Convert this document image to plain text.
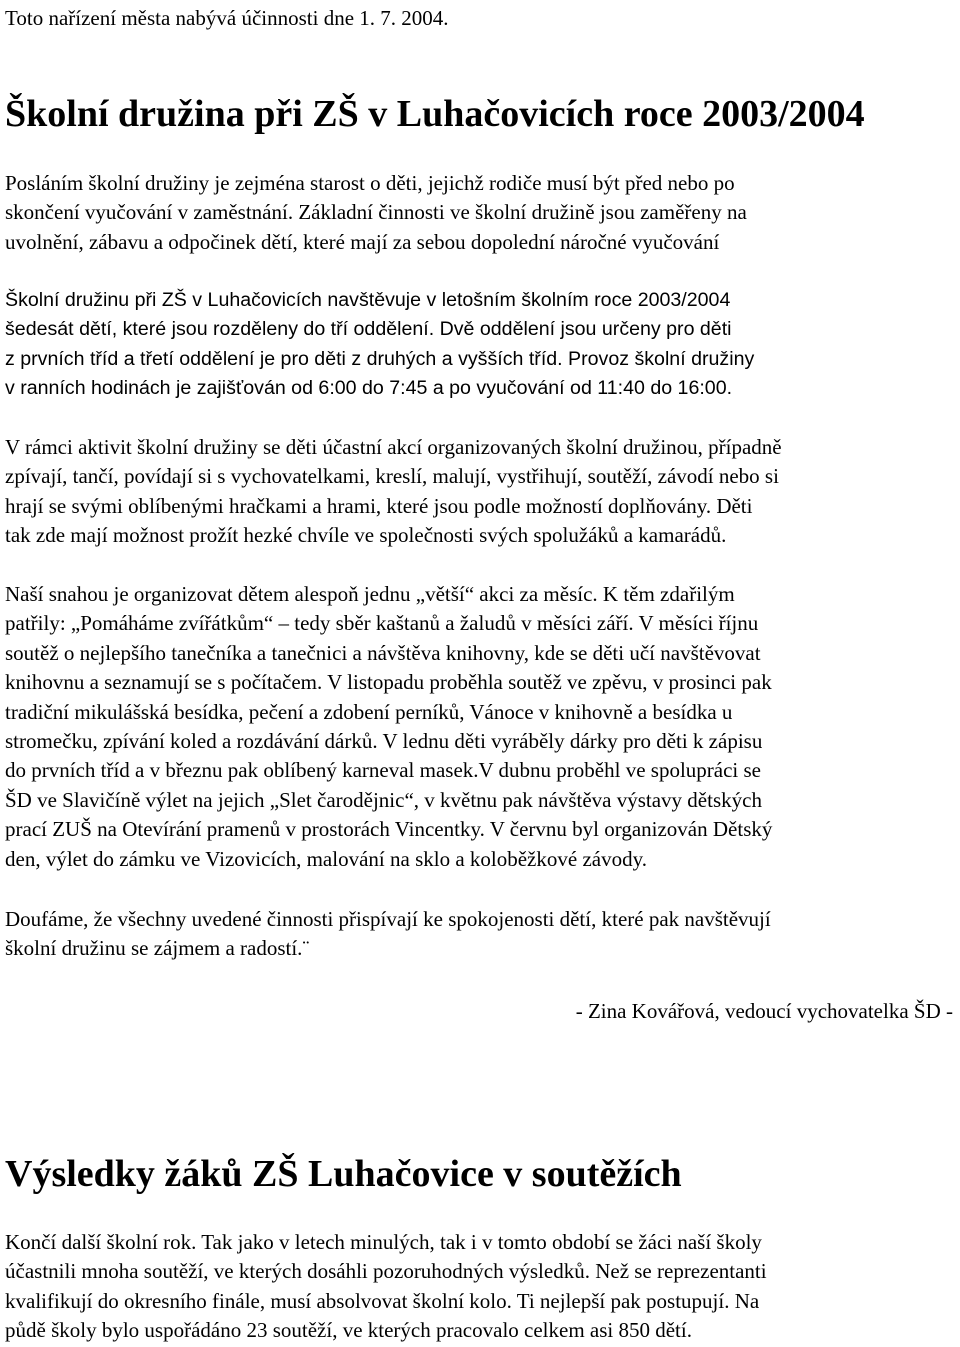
Toto nařízení města nabývá účinnosti dne 1. 7. 2004.
Školní družina při ZŠ v Luhačovicích roce 2003/2004

Posláním školní družiny je zejména starost o děti, jejichž rodiče musí být před nebo po
skončení vyučování v zaměstnání. Základní činnosti ve školní družině jsou zaměřeny na
uvolnění, zábavu a odpočinek dětí, které mají za sebou dopolední náročné vyučování

Školní družinu při ZŠ v Luhačovicích navštěvuje v letošním školním roce 2003/2004
šedesát dětí, které jsou rozděleny do tří oddělení. Dvě oddělení jsou určeny pro děti
z prvních tříd a třetí oddělení je pro děti z druhých a vyšších tříd. Provoz školní družiny
v ranních hodinách je zajišťován od 6:00 do 7:45 a po vyučování od 11:40 do 16:00.

V rámci aktivit školní družiny se děti účastní akcí organizovaných školní družinou, případně
zpívají, tančí, povídají si s vychovatelkami, kreslí, malují, vystřihují, soutěží, závodí nebo si
hrají se svými oblíbenými hračkami a hrami, které jsou podle možností doplňovány. Děti
tak zde mají možnost prožít hezké chvíle ve společnosti svých spolužáků a kamarádů.

Naší snahou je organizovat dětem alespoň jednu „větší“ akci za měsíc. K těm zdařilým
patřily: „Pomáháme zvířátkům“ – tedy sběr kaštanů a žaludů v měsíci září. V měsíci říjnu
soutěž o nejlepšího tanečníka a tanečnici a návštěva knihovny, kde se děti učí navštěvovat
knihovnu a seznamují se s počítačem. V listopadu proběhla soutěž ve zpěvu, v prosinci pak
tradiční mikulášská besídka, pečení a zdobení perníků, Vánoce v knihovně a besídka u
stromečku, zpívání koled a rozdávání dárků. V lednu děti vyráběly dárky pro děti k zápisu
do prvních tříd a v březnu pak oblíbený karneval masek.V dubnu proběhl ve spolupráci se
ŠD ve Slavičíně výlet na jejich „Slet čarodějnic“, v květnu pak návštěva výstavy dětských
prací ZUŠ na Otevírání pramenů v prostorách Vincentky. V červnu byl organizován Dětský
den, výlet do zámku ve Vizovicích, malování na sklo a koloběžkové závody.

Doufáme, že všechny uvedené činnosti přispívají ke spokojenosti dětí, které pak navštěvují
školní družinu se zájmem a radostí.¨

- Zina Kovářová, vedoucí vychovatelka ŠD -
Výsledky žáků ZŠ Luhačovice v soutěžích

Končí další školní rok. Tak jako v letech minulých, tak i v tomto období se žáci naší školy
účastnili mnoha soutěží, ve kterých dosáhli pozoruhodných výsledků. Než se reprezentanti
kvalifikují do okresního finále, musí absolvovat školní kolo. Ti nejlepší pak postupují. Na
půdě školy bylo uspořádáno 23 soutěží, ve kterých pracovalo celkem asi 850 dětí.
